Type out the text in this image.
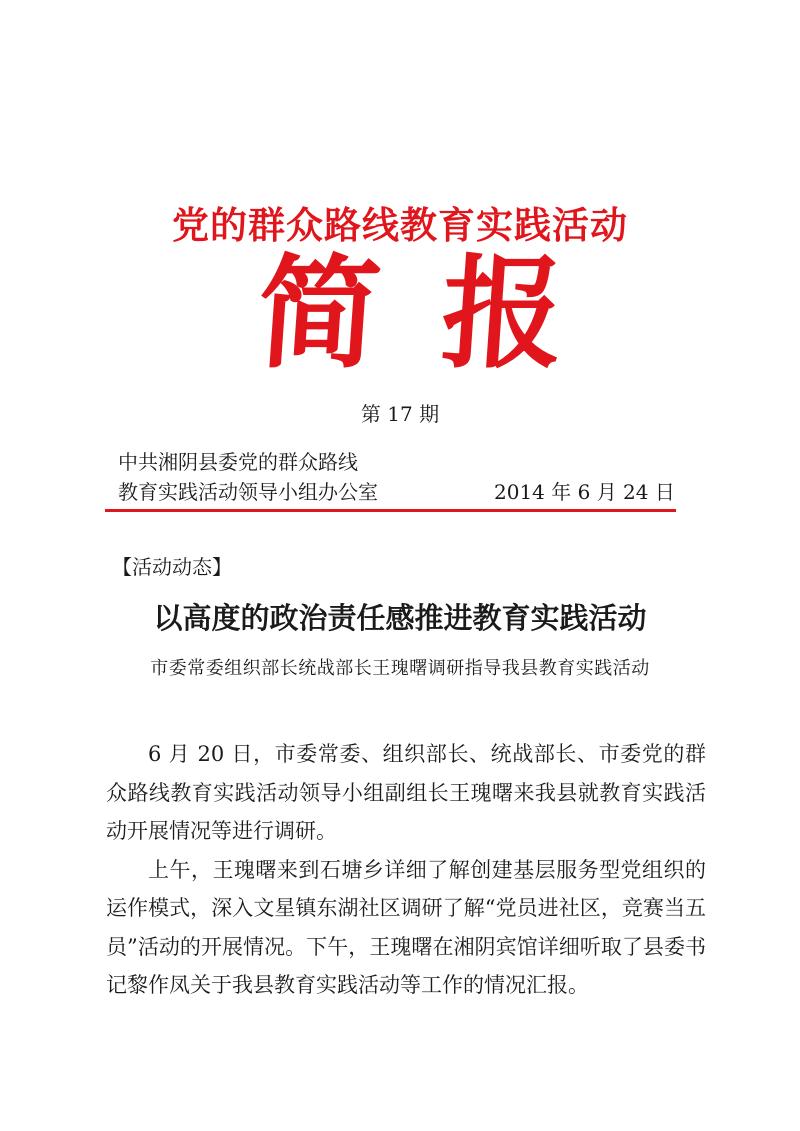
党的群众路线教育实践活动
简 报
第 17 期
中共湘阴县委党的群众路线
教育实践活动领导小组办公室	2014 年 6 月 24 日
【活动动态】
以高度的政治责任感推进教育实践活动
市委常委组织部长统战部长王瑰曙调研指导我县教育实践活动

6 月 20 日，市委常委、组织部长、统战部长、市委党的群众路线教育实践活动领导小组副组长王瑰曙来我县就教育实践活动开展情况等进行调研。

上午，王瑰曙来到石塘乡详细了解创建基层服务型党组织的运作模式，深入文星镇东湖社区调研了解“党员进社区，竞赛当五员”活动的开展情况。下午，王瑰曙在湘阴宾馆详细听取了县委书记黎作凤关于我县教育实践活动等工作的情况汇报。
